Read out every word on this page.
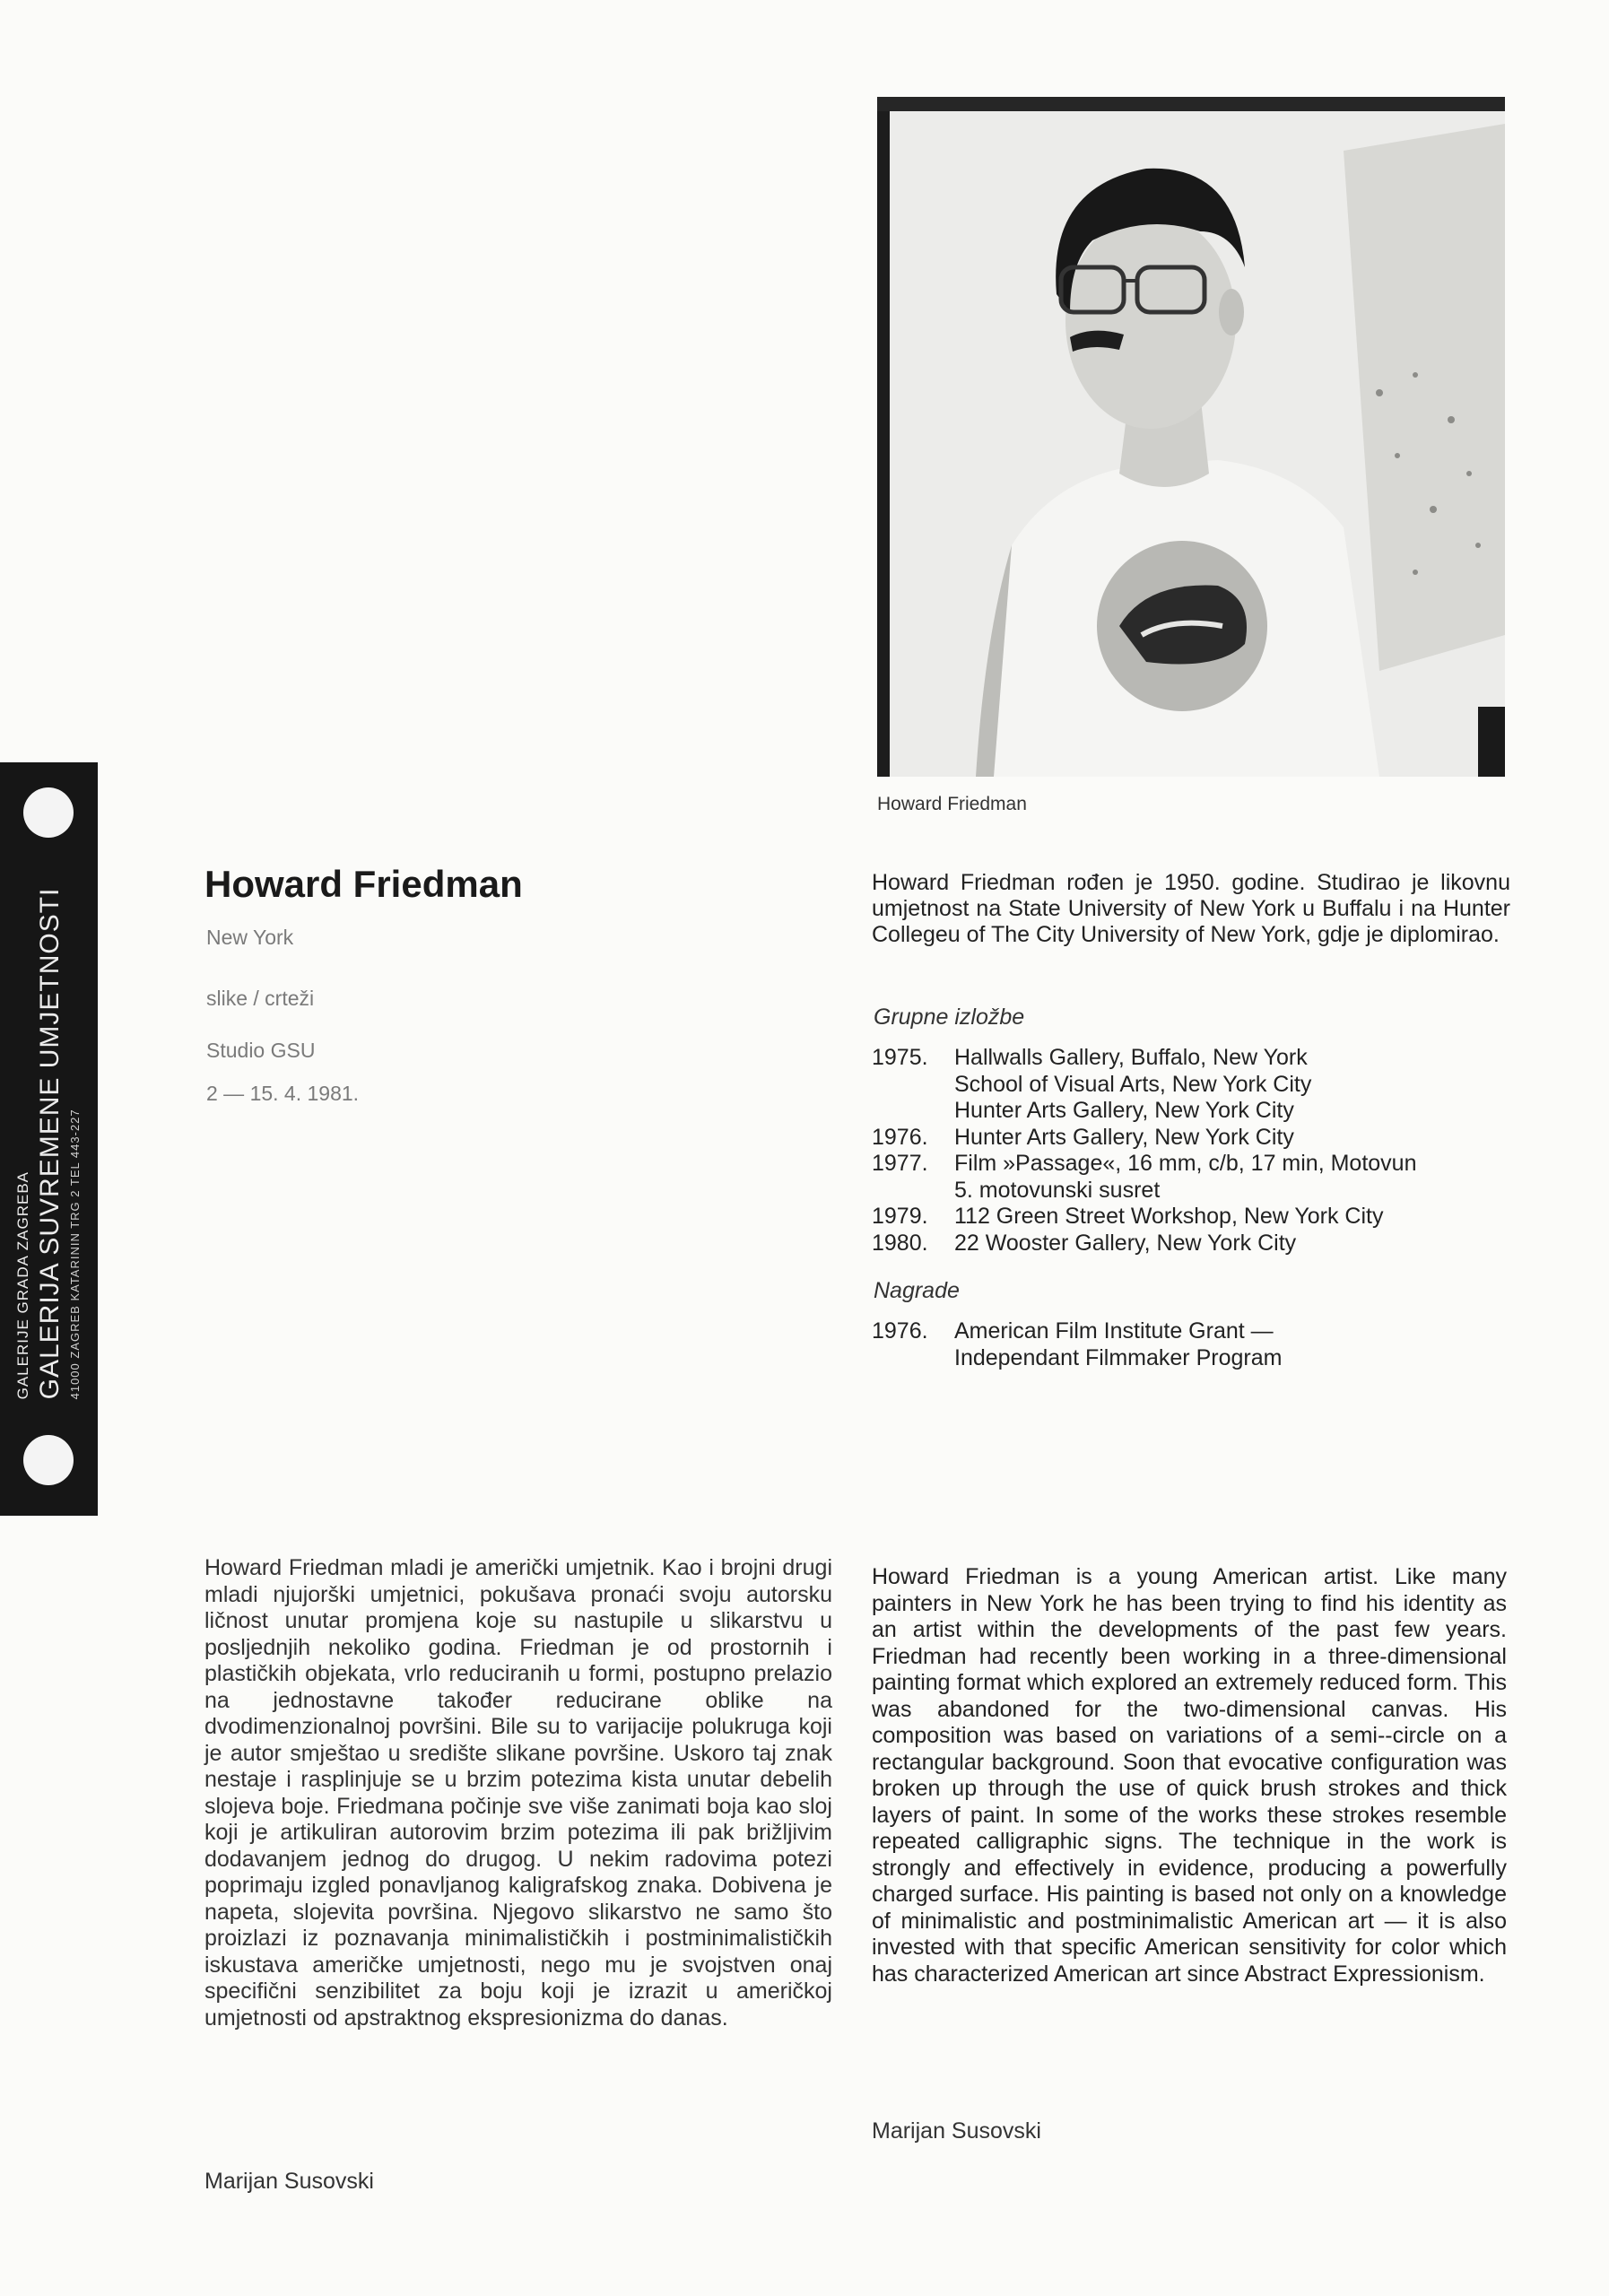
GALERIJE GRADA ZAGREBA GALERIJA SUVREMENE UMJETNOSTI 41000 ZAGREB KATARININ TRG 2 TEL 443-227
Howard Friedman
Howard Friedman
New York
slike / crteži
Studio GSU
2 — 15. 4. 1981.
Howard Friedman rođen je 1950. godine. Studirao je likovnu umjetnost na State University of New York u Buffalu i na Hunter Collegeu of The City University of New York, gdje je diplomirao.
Grupne izložbe
1975.	Hallwalls Gallery, Buffalo, New York
School of Visual Arts, New York City
Hunter Arts Gallery, New York City
1976.	Hunter Arts Gallery, New York City
1977.	Film »Passage«, 16 mm, c/b, 17 min, Motovun
5. motovunski susret
1979.	112 Green Street Workshop, New York City
1980.	22 Wooster Gallery, New York City
Nagrade
1976.	American Film Institute Grant —
Independant Filmmaker Program
Howard Friedman mladi je američki umjetnik. Kao i brojni drugi mladi njujorški umjetnici, pokušava pronaći svoju autorsku ličnost unutar promjena koje su nastupile u slikarstvu u posljednjih nekoliko godina. Friedman je od prostornih i plastičkih objekata, vrlo reduciranih u formi, postupno prelazio na jednostavne također reducirane oblike na dvodimenzionalnoj površini. Bile su to varijacije polukruga koji je autor smještao u središte slikane površine. Uskoro taj znak nestaje i rasplinjuje se u brzim potezima kista unutar debelih slojeva boje. Friedmana počinje sve više zanimati boja kao sloj koji je artikuliran autorovim brzim potezima ili pak brižljivim dodavanjem jednog do drugog. U nekim radovima potezi poprimaju izgled ponavljanog kaligrafskog znaka. Dobivena je napeta, slojevita površina. Njegovo slikarstvo ne samo što proizlazi iz poznavanja minimalističkih i postminimalističkih iskustava američke umjetnosti, nego mu je svojstven onaj specifični senzibilitet za boju koji je izrazit u američkoj umjetnosti od apstraktnog ekspresionizma do danas.
Marijan Susovski
Howard Friedman is a young American artist. Like many painters in New York he has been trying to find his identity as an artist within the developments of the past few years. Friedman had recently been working in a three-dimensional painting format which explored an extremely reduced form. This was abandoned for the two-dimensional canvas. His composition was based on variations of a semi--circle on a rectangular background. Soon that evocative configuration was broken up through the use of quick brush strokes and thick layers of paint. In some of the works these strokes resemble repeated calligraphic signs. The technique in the work is strongly and effectively in evidence, producing a powerfully charged surface. His painting is based not only on a knowledge of minimalistic and postminimalistic American art — it is also invested with that specific American sensitivity for color which has characterized American art since Abstract Expressionism.
Marijan Susovski
